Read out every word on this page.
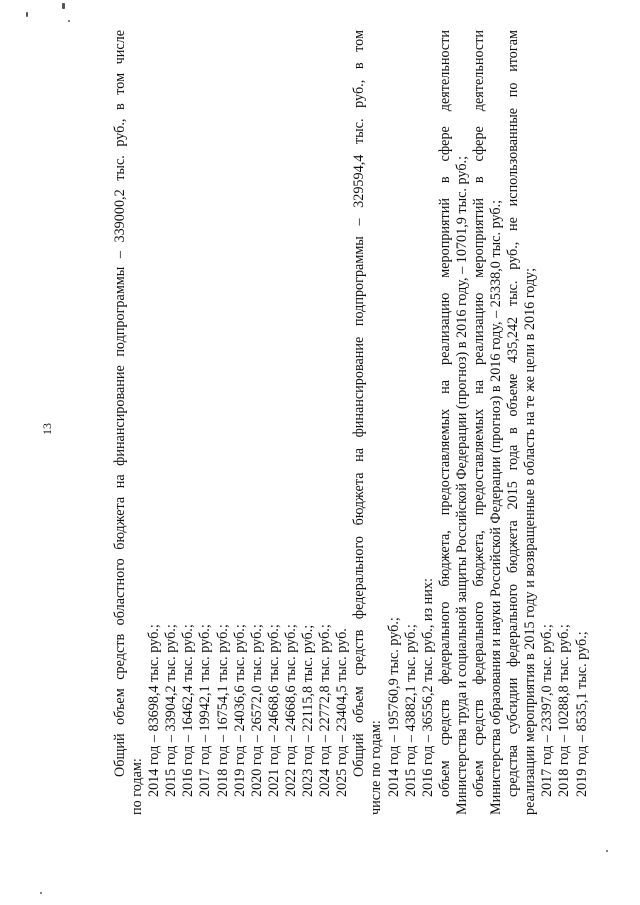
13	Общий объем средств областного бюджета на финансирование подпрограммы – 339000,2 тыс. руб., в том числе
по годам: 2014 год – 83698,4 тыс. руб.; 2015 год – 33904,2 тыс. руб.; 2016 год – 16462,4 тыс. руб.; 2017 год – 19942,1 тыс. руб.; 2018 год – 16754,1 тыс. руб.; 2019 год – 24036,6 тыс. руб.; 2020 год – 26572,0 тыс. руб.; 2021 год – 24668,6 тыс. руб.; 2022 год – 24668,6 тыс. руб.; 2023 год – 22115,8 тыс. руб.; 2024 год – 22772,8 тыс. руб.; 2025 год – 23404,5 тыс. руб. Общий объем средств федерального бюджета на финансирование подпрограммы – 329594,4 тыс. руб., в том числе по годам: 2014 год – 195760,9 тыс. руб.; 2015 год – 43882,1 тыс. руб.; 2016 год – 36556,2 тыс. руб., из них: объем средств федерального бюджета, предоставляемых на реализацию мероприятий в сфере деятельности Министерства труда и социальной защиты Российской Федерации (прогноз) в 2016 году, – 10701,9 тыс. руб.; объем средств федерального бюджета, предоставляемых на реализацию мероприятий в сфере деятельности Министерства образования и науки Российской Федерации (прогноз) в 2016 году, – 25338,0 тыс. руб.; средства субсидии федерального бюджета 2015 года в объеме 435,242 тыс. руб., не использованные по итогам реализации мероприятия в 2015 году и возвращенные в область на те же цели в 2016 году; 2017 год – 23397,0 тыс. руб.; 2018 год – 10288,8 тыс. руб.; 2019 год – 8535,1 тыс. руб.;
